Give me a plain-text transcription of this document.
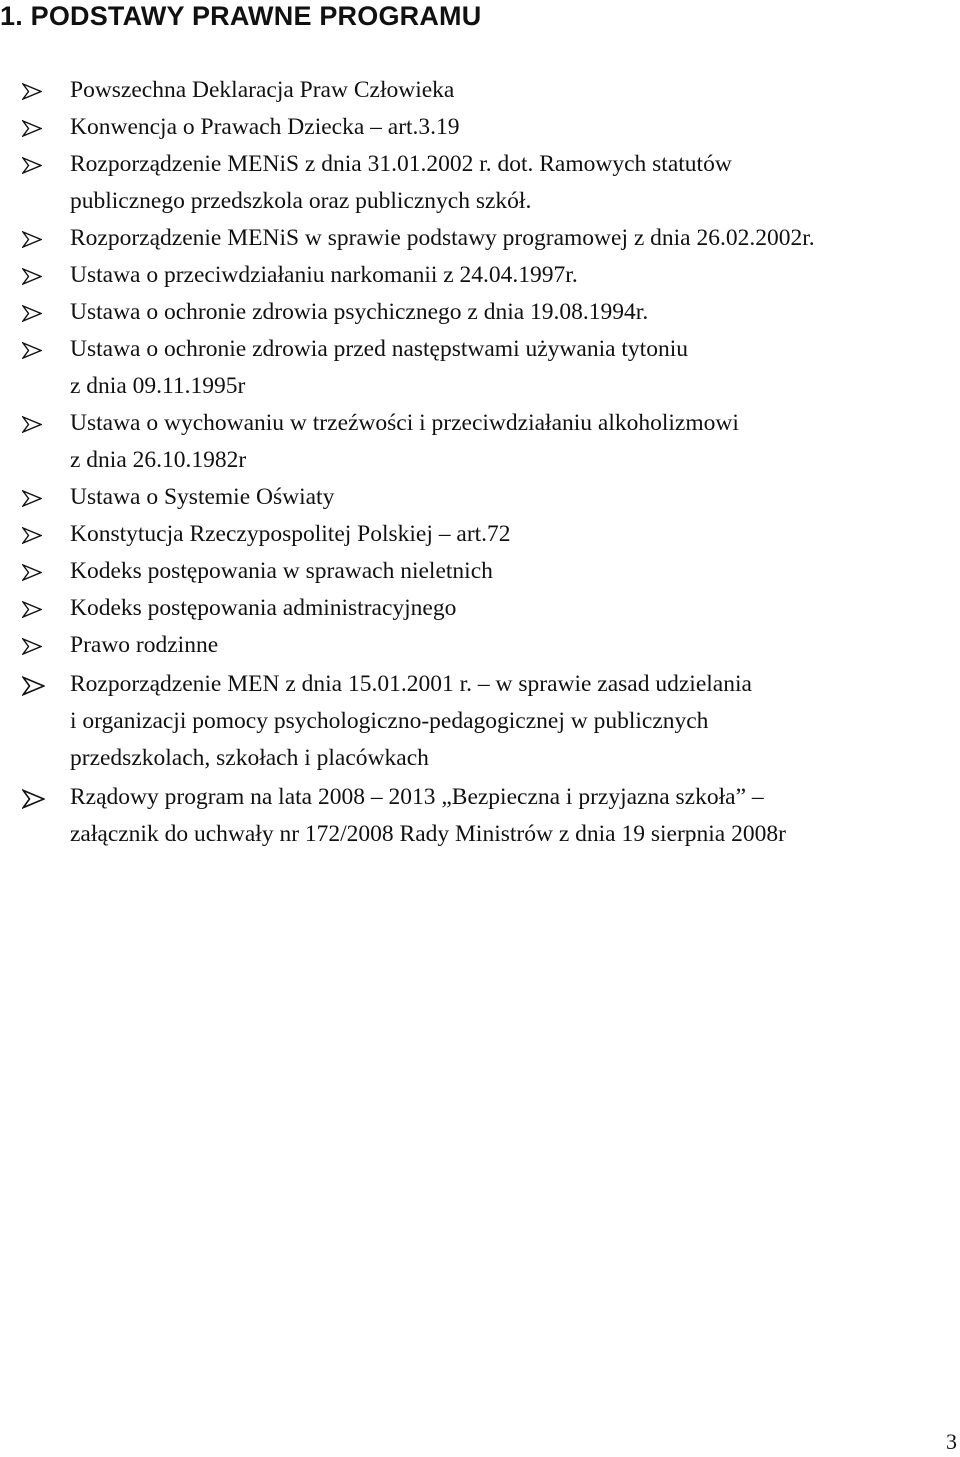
1. PODSTAWY PRAWNE PROGRAMU
Powszechna Deklaracja Praw Człowieka
Konwencja o Prawach Dziecka – art.3.19
Rozporządzenie MENiS z dnia 31.01.2002 r. dot. Ramowych statutów
publicznego przedszkola oraz publicznych szkół.
Rozporządzenie MENiS w sprawie podstawy programowej z dnia 26.02.2002r.
Ustawa o przeciwdziałaniu narkomanii z 24.04.1997r.
Ustawa o ochronie zdrowia psychicznego z dnia 19.08.1994r.
Ustawa o ochronie zdrowia przed następstwami używania tytoniu
z dnia 09.11.1995r
Ustawa o wychowaniu w trzeźwości i przeciwdziałaniu alkoholizmowi
z dnia 26.10.1982r
Ustawa o Systemie Oświaty
Konstytucja Rzeczypospolitej Polskiej – art.72
Kodeks postępowania w sprawach nieletnich
Kodeks postępowania administracyjnego
Prawo rodzinne
Rozporządzenie MEN z dnia 15.01.2001 r. – w sprawie zasad udzielania
i organizacji pomocy psychologiczno-pedagogicznej w publicznych
przedszkolach, szkołach i placówkach
Rządowy program na lata 2008 – 2013 „Bezpieczna i przyjazna szkoła” –
załącznik do uchwały nr 172/2008 Rady Ministrów z dnia 19 sierpnia 2008r
3
